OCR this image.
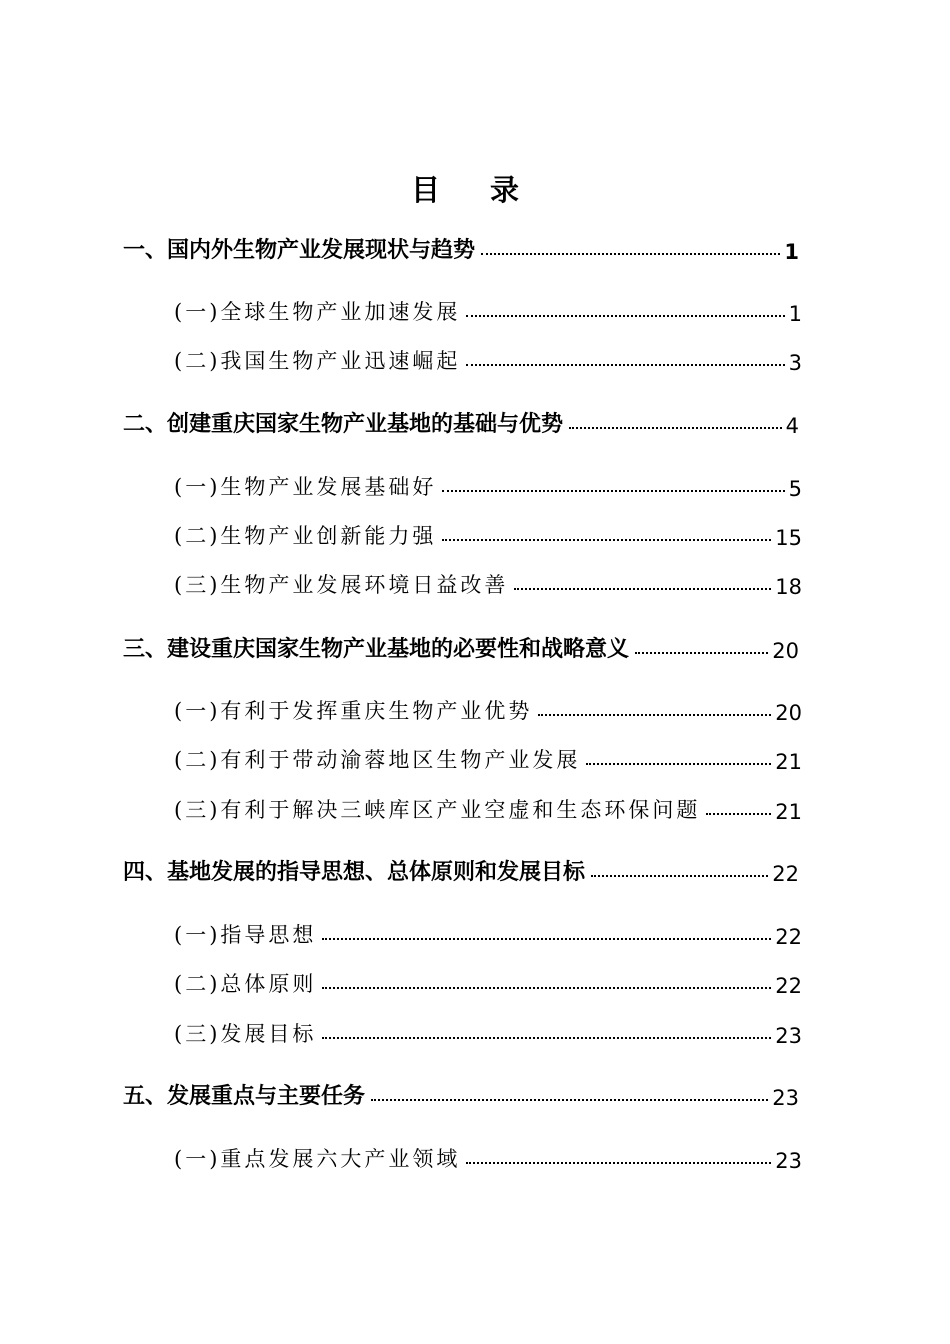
目 录
一、国内外生物产业发展现状与趋势	1
(一)全球生物产业加速发展	1
(二)我国生物产业迅速崛起	3
二、创建重庆国家生物产业基地的基础与优势	4
(一)生物产业发展基础好	5
(二)生物产业创新能力强	15
(三)生物产业发展环境日益改善	18
三、建设重庆国家生物产业基地的必要性和战略意义	20
(一)有利于发挥重庆生物产业优势	20
(二)有利于带动渝蓉地区生物产业发展	21
(三)有利于解决三峡库区产业空虚和生态环保问题	21
四、基地发展的指导思想、总体原则和发展目标	22
(一)指导思想	22
(二)总体原则	22
(三)发展目标	23
五、发展重点与主要任务	23
(一)重点发展六大产业领域	23
